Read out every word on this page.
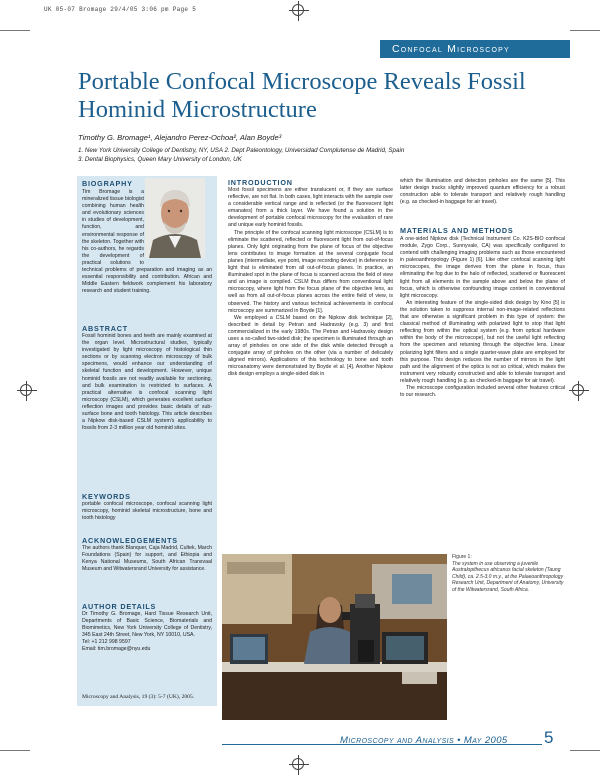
UK 05-07 Bromage 29/4/05 3:06 pm Page 5
Confocal Microscopy
Portable Confocal Microscope Reveals Fossil Hominid Microstructure
Timothy G. Bromage¹, Alejandro Perez-Ochoa², Alan Boyde³
1. New York University College of Dentistry, NY, USA 2. Dept Paleontology, Universidad Complutense de Madrid, Spain
3. Dental Biophysics, Queen Mary University of London, UK
BIOGRAPHY
Tim Bromage is a mineralized tissue biologist combining human health and evolutionary sciences in studies of development, function, and environmental response of the skeleton. Together with his co-authors, he regards the development of practical solutions to technical problems of preparation and imaging as an essential responsibility and contribution. African and Middle Eastern fieldwork complement his laboratory research and student training.
ABSTRACT
Fossil hominid bones and teeth are mainly examined at the organ level. Microstructural studies, typically investigated by light microscopy of histological thin sections or by scanning electron microscopy of bulk specimens, would enhance our understanding of skeletal function and development. However, unique hominid fossils are not readily available for sectioning, and bulk examination is restricted to surfaces. A practical alternative is confocal scanning light microscopy (CSLM), which generates excellent surface reflection images and provides basic details of sub-surface bone and tooth histology. This article describes a Nipkow disk-based CSLM system's applicability to fossils from 2-3 million year old hominid sites.
KEYWORDS
portable confocal microscope, confocal scanning light microscopy, hominid skeletal microstructure, bone and tooth histology
ACKNOWLEDGEMENTS
The authors thank Blanquer, Caja Madrid, Cultek, March Foundations (Spain) for support, and Ethiopia and Kenya National Museums, South African Transvaal Museum and Witwatersrand University for assistance.
AUTHOR DETAILS
Dr Timothy G. Bromage, Hard Tissue Research Unit, Departments of Basic Science, Biomaterials and Biomimetics, New York University College of Dentistry, 345 East 24th Street, New York, NY 10010, USA.
Tel: +1 212 998 9597
Email: tim.bromage@nyu.edu
Microscopy and Analysis, 19 (3): 5-7 (UK), 2005.
INTRODUCTION
Most fossil specimens are either translucent or, if they are surface reflective, are not flat. In both cases, light interacts with the sample over a considerable vertical range and is reflected (or the fluorescent light emanates) from a thick layer. We have found a solution in the development of portable confocal microscopy for the evaluation of rare and unique early hominid fossils.
The principle of the confocal scanning light microscope (CSLM) is to eliminate the scattered, reflected or fluorescent light from out-of-focus planes. Only light originating from the plane of focus of the objective lens contributes to image formation at the several conjugate focal planes (intermediate, eye point, image recording device) in deference to light that is eliminated from all out-of-focus planes. In practice, an illuminated spot in the plane of focus is scanned across the field of view and an image is compiled. CSLM thus differs from conventional light microscopy, where light from the focus plane of the objective lens, as well as from all out-of-focus planes across the entire field of view, is observed. The history and various technical achievements in confocal microscopy are summarized in Boyde [1].
We employed a CSLM based on the Nipkow disk technique [2], described in detail by Petran and Hadravsky (e.g. 3) and first commercialized in the early 1980s. The Petran and Hadravsky design uses a so-called two-sided disk; the specimen is illuminated through an array of pinholes on one side of the disk while detected through a conjugate array of pinholes on the other (via a number of delicately aligned mirrors). Applications of this technology to bone and tooth microanatomy were demonstrated by Boyde et al. [4]. Another Nipkow disk design employs a single-sided disk in
which the illumination and detection pinholes are the same [5]. This latter design tracks slightly improved quantum efficiency for a robust construction able to tolerate transport and relatively rough handling (e.g. as checked-in baggage for air travel).
MATERIALS AND METHODS
A one-sided Nipkow disk (Technical Instrument Co. K2S-BIO confocal module, Zygo Corp., Sunnyvale, CA) was specifically configured to contend with challenging imaging problems such as those encountered in paleoanthropology (Figure 1) [6]. Like other confocal scanning light microscopes, the image derives from the plane in focus, thus eliminating the fog due to the halo of reflected, scattered or fluorescent light from all elements in the sample above and below the plane of focus, which is otherwise confounding image content in conventional light microscopy.
An interesting feature of the single-sided disk design by Kino [5] is the solution taken to suppress internal non-image-related reflections that are otherwise a significant problem in this type of system: the classical method of illuminating with polarized light to stop that light reflecting from within the optical system (e.g. from optical hardware within the body of the microscope), but not the useful light reflecting from the specimen and returning through the objective lens. Linear polarizing light filters and a single quarter-wave plate are employed for this purpose. This design reduces the number of mirrors in the light path and the alignment of the optics is not so critical, which makes the instrument very robustly constructed and able to tolerate transport and relatively rough handling (e.g. as checked-in baggage for air travel).
The microscope configuration included several other features critical to our research.
Figure 1:
The system in use observing a juvenile Australopithecus africanus facial skeleton (Taung Child), ca. 2.5-3.0 m.y., at the Palaeoanthropology Research Unit, Department of Anatomy, University of the Witwatersrand, South Africa.
Microscopy and Analysis • May 2005 5
